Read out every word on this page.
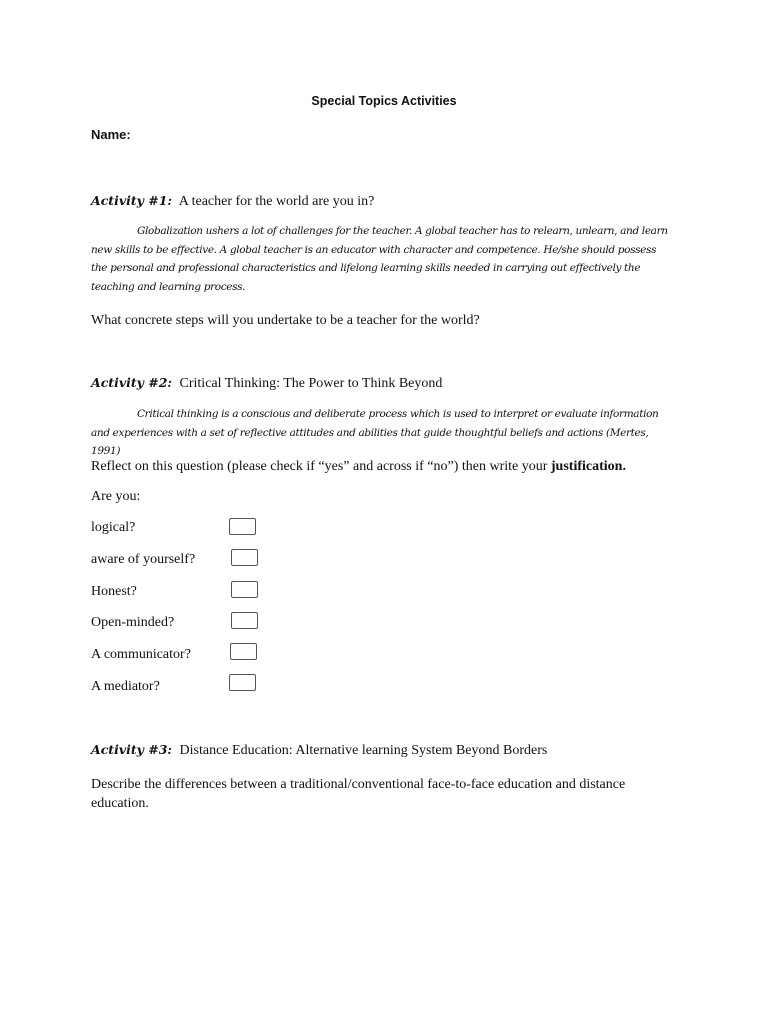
Special Topics Activities
Name:
Activity #1: A teacher for the world are you in?
Globalization ushers a lot of challenges for the teacher. A global teacher has to relearn, unlearn, and learn new skills to be effective. A global teacher is an educator with character and competence. He/she should possess the personal and professional characteristics and lifelong learning skills needed in carrying out effectively the teaching and learning process.
What concrete steps will you undertake to be a teacher for the world?
Activity #2: Critical Thinking: The Power to Think Beyond
Critical thinking is a conscious and deliberate process which is used to interpret or evaluate information and experiences with a set of reflective attitudes and abilities that guide thoughtful beliefs and actions (Mertes, 1991)
Reflect on this question (please check if “yes” and across if “no”) then write your justification.
Are you:
logical?
aware of yourself?
Honest?
Open-minded?
A communicator?
A mediator?
Activity #3: Distance Education: Alternative learning System Beyond Borders
Describe the differences between a traditional/conventional face-to-face education and distance education.
